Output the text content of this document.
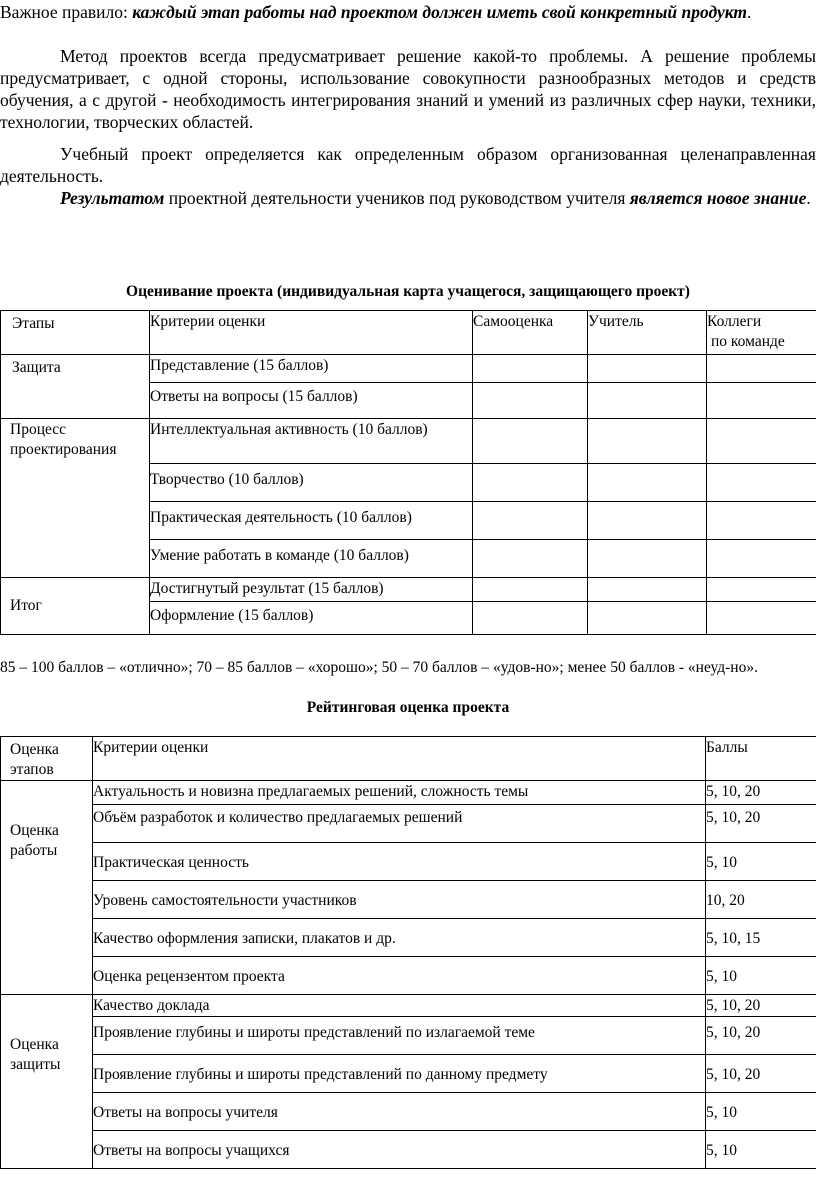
Важное правило: каждый этап работы над проектом должен иметь свой конкретный продукт.

Метод проектов всегда предусматривает решение какой-то проблемы. А решение проблемы предусматривает, с одной стороны, использование совокупности разнообразных методов и средств обучения, а с другой - необходимость интегрирования знаний и умений из различных сфер науки, техники, технологии, творческих областей.

Учебный проект определяется как определенным образом организованная целенаправленная деятельность.

Результатом проектной деятельности учеников под руководством учителя является новое знание.

Оценивание проекта (индивидуальная карта учащегося, защищающего проект)

Этапы	Критерии оценки	Самооценка	Учитель	Коллеги
по команде

Защита	Представление (15 баллов)			
	Ответы на вопросы (15 баллов)			

Процесс
проектирования	Интеллектуальная активность (10 баллов)			
	Творчество (10 баллов)			
	Практическая деятельность (10 баллов)			
	Умение работать в команде (10 баллов)			
Итог	Достигнутый результат (15 баллов)			
	Оформление (15 баллов)			

85 – 100 баллов – «отлично»; 70 – 85 баллов – «хорошо»; 50 – 70 баллов – «удов-но»; менее 50 баллов - «неуд-но».

Рейтинговая оценка проекта

Оценка
этапов	Критерии оценки	Баллы

Оценка
работы	Актуальность и новизна предлагаемых решений, сложность темы	5, 10, 20
	Объём разработок и количество предлагаемых решений	5, 10, 20
	Практическая ценность	5, 10
	Уровень самостоятельности участников	10, 20
	Качество оформления записки, плакатов и др.	5, 10, 15
	Оценка рецензентом проекта	5, 10

Оценка
защиты	Качество доклада	5, 10, 20
	Проявление глубины и широты представлений по излагаемой теме	5, 10, 20
	Проявление глубины и широты представлений по данному предмету	5, 10, 20
	Ответы на вопросы учителя	5, 10
	Ответы на вопросы учащихся	5, 10
